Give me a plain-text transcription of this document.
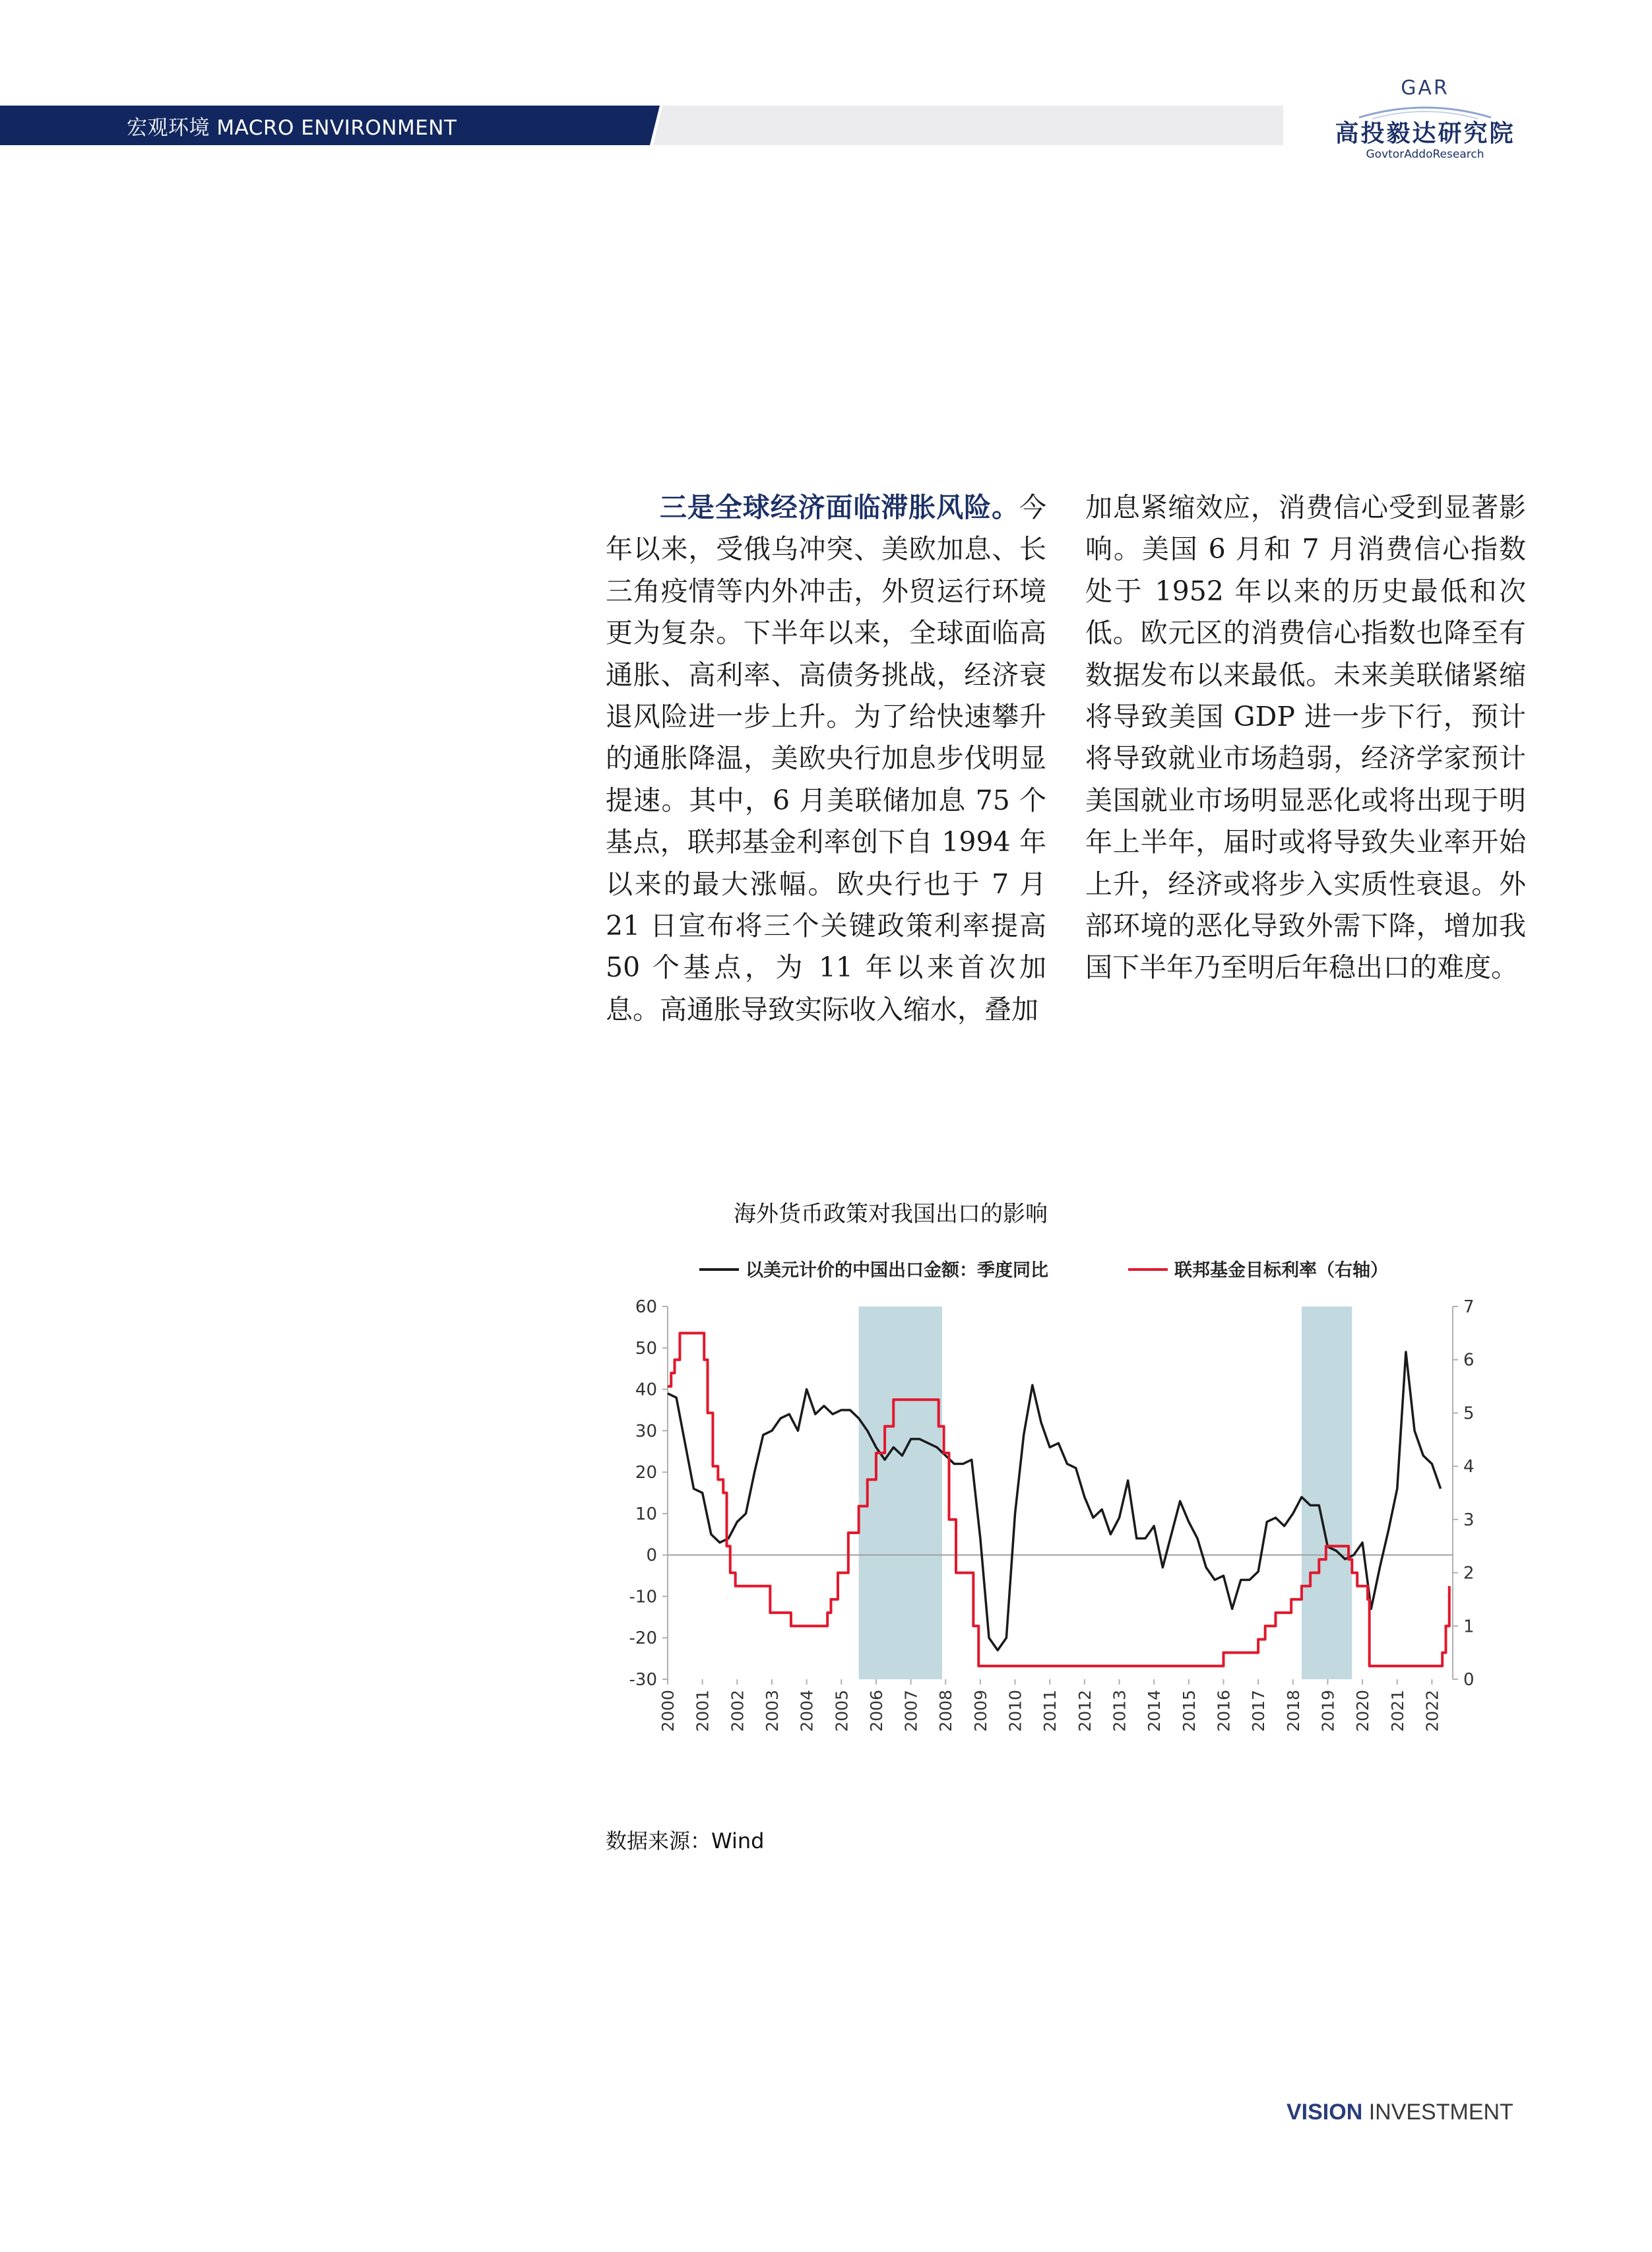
宏观环境 MACRO ENVIRONMENT
GAR
高投毅达研究院
GovtorAddoResearch

三是全球经济面临滞胀风险。今年以来，受俄乌冲突、美欧加息、长三角疫情等内外冲击，外贸运行环境更为复杂。下半年以来，全球面临高通胀、高利率、高债务挑战，经济衰退风险进一步上升。为了给快速攀升的通胀降温，美欧央行加息步伐明显提速。其中，6 月美联储加息 75 个基点，联邦基金利率创下自 1994 年以来的最大涨幅。欧央行也于 7 月 21 日宣布将三个关键政策利率提高 50 个基点，为 11 年以来首次加息。高通胀导致实际收入缩水，叠加

加息紧缩效应，消费信心受到显著影响。美国 6 月和 7 月消费信心指数处于 1952 年以来的历史最低和次低。欧元区的消费信心指数也降至有数据发布以来最低。未来美联储紧缩将导致美国 GDP 进一步下行，预计将导致就业市场趋弱，经济学家预计美国就业市场明显恶化或将出现于明年上半年，届时或将导致失业率开始上升，经济或将步入实质性衰退。外部环境的恶化导致外需下降，增加我国下半年乃至明后年稳出口的难度。

海外货币政策对我国出口的影响
60
50
40
30
20
10
0
-10
-20
-30
7
6
5
4
3
2
1
0
2000 2001 2002 2003 2004 2005 2006 2007 2008 2009 2010 2011 2012 2013 2014 2015 2016 2017 2018 2019 2020 2021 2022
以美元计价的中国出口金额：季度同比	联邦基金目标利率（右轴）
数据来源：Wind
VISION INVESTMENT
